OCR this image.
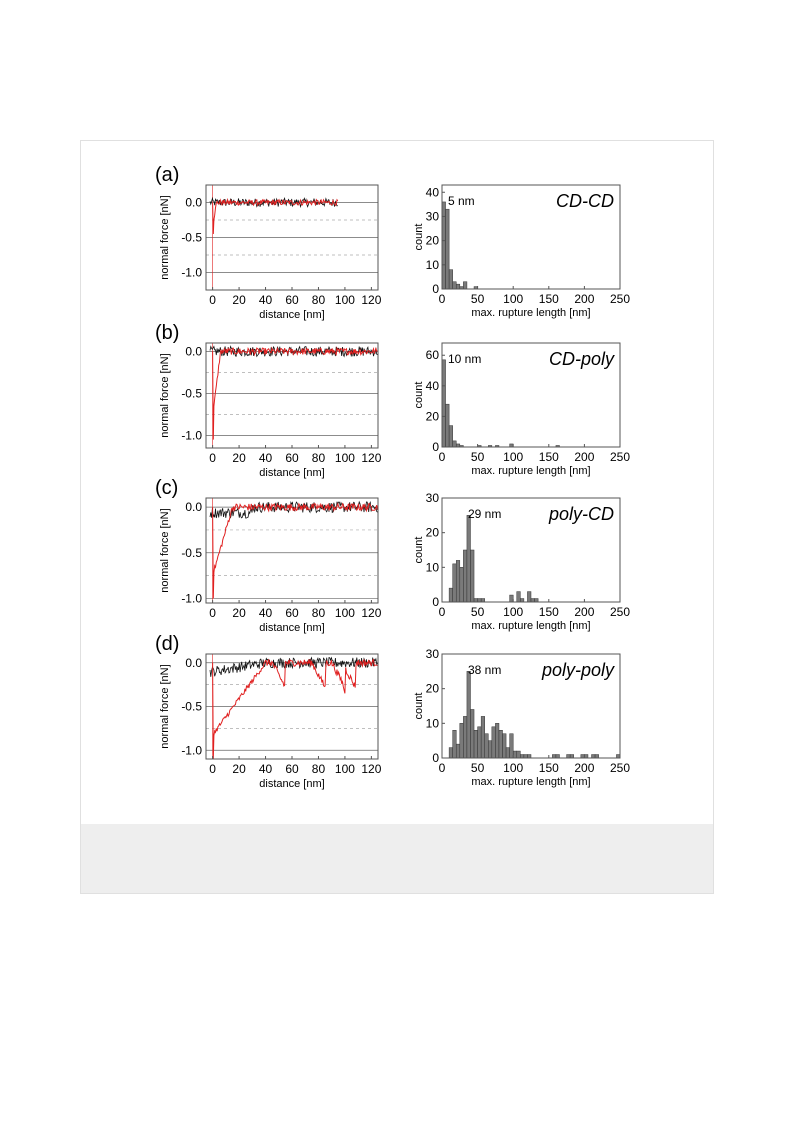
(a)
0 20 40 60 80 100 120
0.0
-0.5
-1.0
distance [nm]
normal force [nN]
0 50 100 150 200 250
40
30
20
10
0
max. rupture length [nm]
count
5 nm	CD-CD
(b)
0 20 40 60 80 100 120
0.0
-0.5
-1.0
distance [nm]
normal force [nN]
0 50 100 150 200 250
60
40
20
0
max. rupture length [nm]
count
10 nm	CD-poly
(c)
0 20 40 60 80 100 120
0.0
-0.5
-1.0
distance [nm]
normal force [nN]
0 50 100 150 200 250
30
20
10
0
max. rupture length [nm]
count
29 nm	poly-CD
(d)
0 20 40 60 80 100 120
0.0
-0.5
-1.0
distance [nm]
normal force [nN]
0 50 100 150 200 250
30
20
10
0
max. rupture length [nm]
count
38 nm poly-poly
